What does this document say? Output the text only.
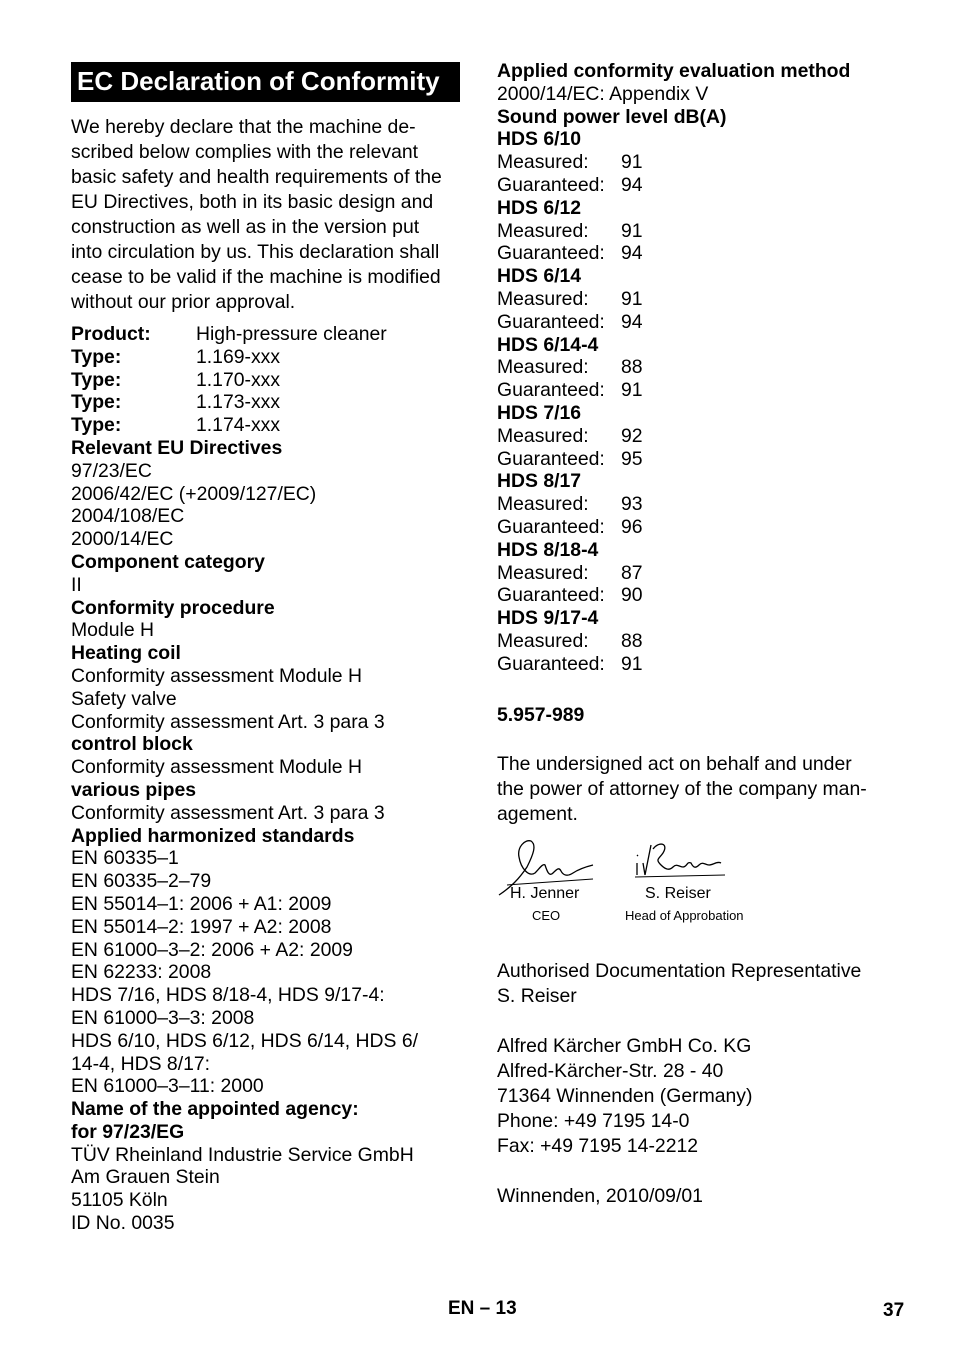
EC Declaration of Conformity
We hereby declare that the machine de-
scribed below complies with the relevant
basic safety and health requirements of the
EU Directives, both in its basic design and
construction as well as in the version put
into circulation by us. This declaration shall
cease to be valid if the machine is modified
without our prior approval.
Product: High-pressure cleaner
Type:	1.169-xxx
Type:	1.170-xxx
Type:	1.173-xxx
Type:	1.174-xxx
Relevant EU Directives
97/23/EC
2006/42/EC (+2009/127/EC)
2004/108/EC
2000/14/EC
Component category
II
Conformity procedure
Module H
Heating coil
Conformity assessment Module H
Safety valve
Conformity assessment Art. 3 para 3
control block
Conformity assessment Module H
various pipes
Conformity assessment Art. 3 para 3
Applied harmonized standards
EN 60335–1
EN 60335–2–79
EN 55014–1: 2006 + A1: 2009
EN 55014–2: 1997 + A2: 2008
EN 61000–3–2: 2006 + A2: 2009
EN 62233: 2008
HDS 7/16, HDS 8/18-4, HDS 9/17-4:
EN 61000–3–3: 2008
HDS 6/10, HDS 6/12, HDS 6/14, HDS 6/
14-4, HDS 8/17:
EN 61000–3–11: 2000
Name of the appointed agency:
for 97/23/EG
TÜV Rheinland Industrie Service GmbH
Am Grauen Stein
51105 Köln
ID No. 0035
Applied conformity evaluation method
2000/14/EC: Appendix V
Sound power level dB(A)
HDS 6/10
Measured: 91
Guaranteed: 94
HDS 6/12
Measured: 91
Guaranteed: 94
HDS 6/14
Measured: 91
Guaranteed: 94
HDS 6/14-4
Measured: 88
Guaranteed: 91
HDS 7/16
Measured: 92
Guaranteed: 95
HDS 8/17
Measured: 93
Guaranteed: 96
HDS 8/18-4
Measured: 87
Guaranteed: 90
HDS 9/17-4
Measured: 88
Guaranteed: 91
5.957-989
The undersigned act on behalf and under
the power of attorney of the company man-
agement.
H. Jenner
CEO
S. Reiser
Head of Approbation
Authorised Documentation Representative
S. Reiser
Alfred Kärcher GmbH Co. KG
Alfred-Kärcher-Str. 28 - 40
71364 Winnenden (Germany)
Phone: +49 7195 14-0
Fax: +49 7195 14-2212
Winnenden, 2010/09/01
EN – 13	37
